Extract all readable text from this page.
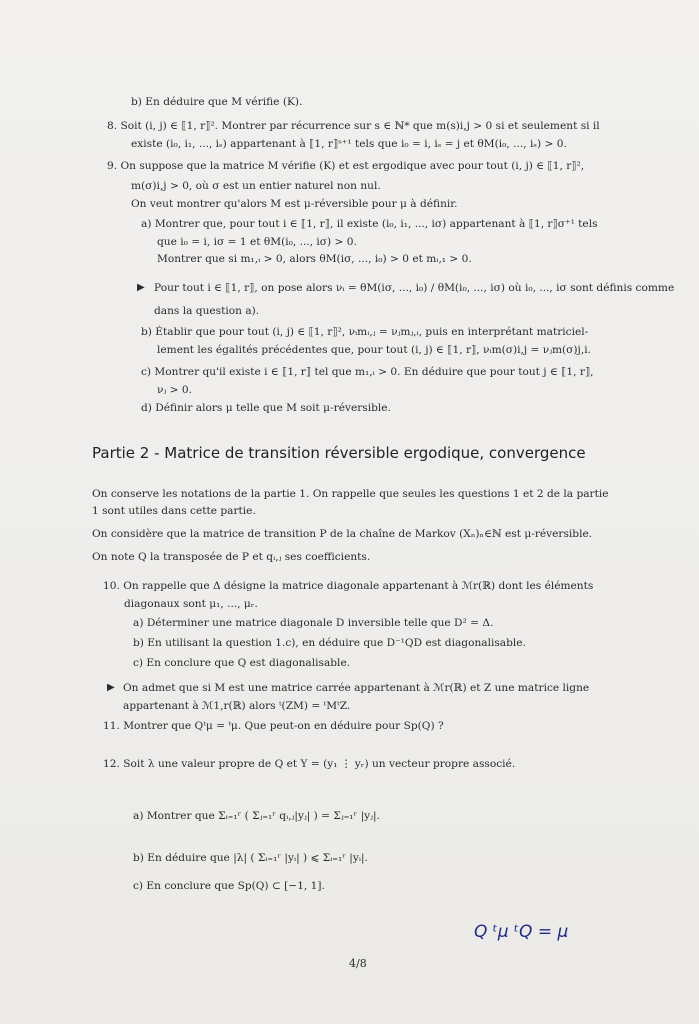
b) En déduire que M vérifie (K).
8. Soit (i, j) ∈ ⟦1, r⟧². Montrer par récurrence sur s ∈ ℕ* que m(s)i,j > 0 si et seulement si il
existe (i₀, i₁, ..., iₛ) appartenant à ⟦1, r⟧ˢ⁺¹ tels que i₀ = i, iₛ = j et θM(i₀, ..., iₛ) > 0.
9. On suppose que la matrice M vérifie (K) et est ergodique avec pour tout (i, j) ∈ ⟦1, r⟧²,
m(σ)i,j > 0, où σ est un entier naturel non nul.
On veut montrer qu'alors M est μ-réversible pour μ à définir.
a) Montrer que, pour tout i ∈ ⟦1, r⟧, il existe (i₀, i₁, ..., iσ) appartenant à ⟦1, r⟧σ⁺¹ tels
que i₀ = i, iσ = 1 et θM(i₀, ..., iσ) > 0.
Montrer que si m₁,ᵢ > 0, alors θM(iσ, ..., i₀) > 0 et mᵢ,₁ > 0.
▶ Pour tout i ∈ ⟦1, r⟧, on pose alors νᵢ = θM(iσ, ..., i₀) / θM(i₀, ..., iσ) où i₀, ..., iσ sont définis comme
dans la question a).
b) Établir que pour tout (i, j) ∈ ⟦1, r⟧², νᵢmᵢ,ⱼ = νⱼmⱼ,ᵢ, puis en interprétant matriciel-
lement les égalités précédentes que, pour tout (i, j) ∈ ⟦1, r⟧, νᵢm(σ)i,j = νⱼm(σ)j,i.
c) Montrer qu'il existe i ∈ ⟦1, r⟧ tel que m₁,ᵢ > 0. En déduire que pour tout j ∈ ⟦1, r⟧,
νⱼ > 0.
d) Définir alors μ telle que M soit μ-réversible.
Partie 2 - Matrice de transition réversible ergodique, convergence
On conserve les notations de la partie 1. On rappelle que seules les questions 1 et 2 de la partie
1 sont utiles dans cette partie.
On considère que la matrice de transition P de la chaîne de Markov (Xₙ)ₙ∈ℕ est μ-réversible.
On note Q la transposée de P et qᵢ,ⱼ ses coefficients.
10. On rappelle que Δ désigne la matrice diagonale appartenant à ℳr(ℝ) dont les éléments
diagonaux sont μ₁, ..., μᵣ.
a) Déterminer une matrice diagonale D inversible telle que D² = Δ.
b) En utilisant la question 1.c), en déduire que D⁻¹QD est diagonalisable.
c) En conclure que Q est diagonalisable.
▶ On admet que si M est une matrice carrée appartenant à ℳr(ℝ) et Z une matrice ligne
appartenant à ℳ1,r(ℝ) alors ᵗ(ZM) = ᵗMᵗZ.
11. Montrer que Qᵗμ = ᵗμ. Que peut-on en déduire pour Sp(Q) ?
12. Soit λ une valeur propre de Q et Y = (y₁ ⋮ yᵣ) un vecteur propre associé.
a) Montrer que Σᵢ₌₁ʳ ( Σⱼ₌₁ʳ qᵢ,ⱼ|yⱼ| ) = Σⱼ₌₁ʳ |yⱼ|.
b) En déduire que |λ| ( Σᵢ₌₁ʳ |yᵢ| ) ⩽ Σᵢ₌₁ʳ |yᵢ|.
c) En conclure que Sp(Q) ⊂ [−1, 1].
Q ᵗμ ᵗQ = μ
4/8
